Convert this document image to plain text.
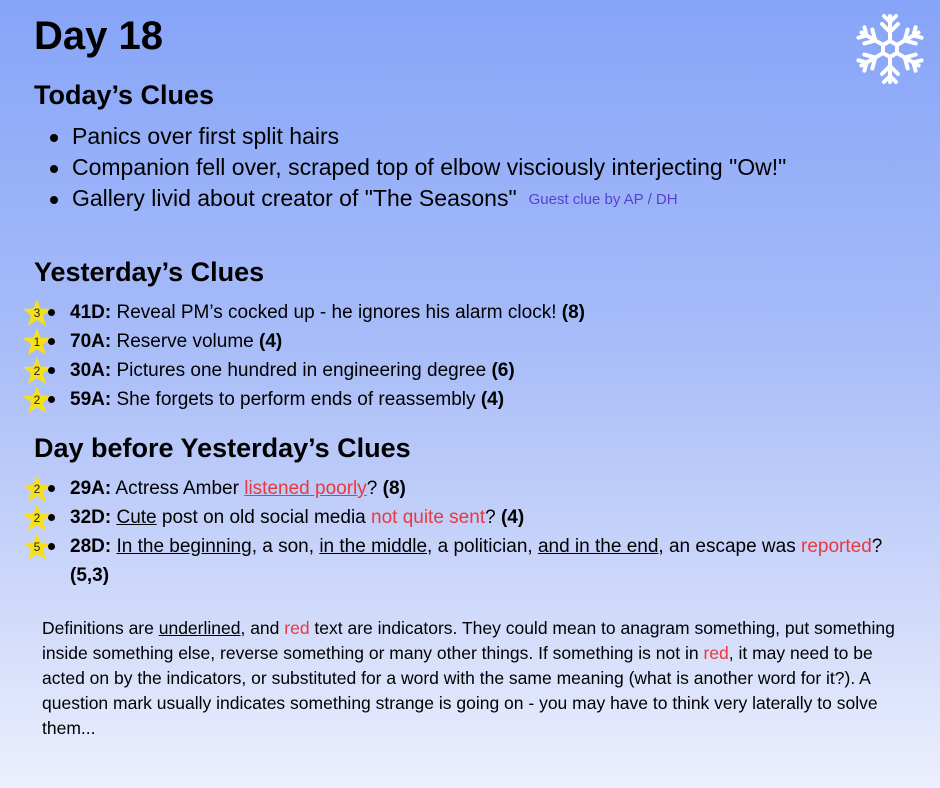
Day 18
Today’s Clues
Panics over first split hairs
Companion fell over, scraped top of elbow visciously interjecting "Ow!"
Gallery livid about creator of "The Seasons" Guest clue by AP / DH
Yesterday’s Clues
3	41D: Reveal PM’s cocked up - he ignores his alarm clock! (8)
1	70A: Reserve volume (4)
2	30A: Pictures one hundred in engineering degree (6)
2	59A: She forgets to perform ends of reassembly (4)
Day before Yesterday’s Clues
2	29A: Actress Amber listened poorly? (8)
2	32D: Cute post on old social media not quite sent? (4)
5	28D: In the beginning, a son, in the middle, a politician, and in the end, an escape was reported? (5,3)

Definitions are underlined, and red text are indicators. They could mean to anagram something, put something inside something else, reverse something or many other things. If something is not in red, it may need to be acted on by the indicators, or substituted for a word with the same meaning (what is another word for it?). A question mark usually indicates something strange is going on - you may have to think very laterally to solve them...
